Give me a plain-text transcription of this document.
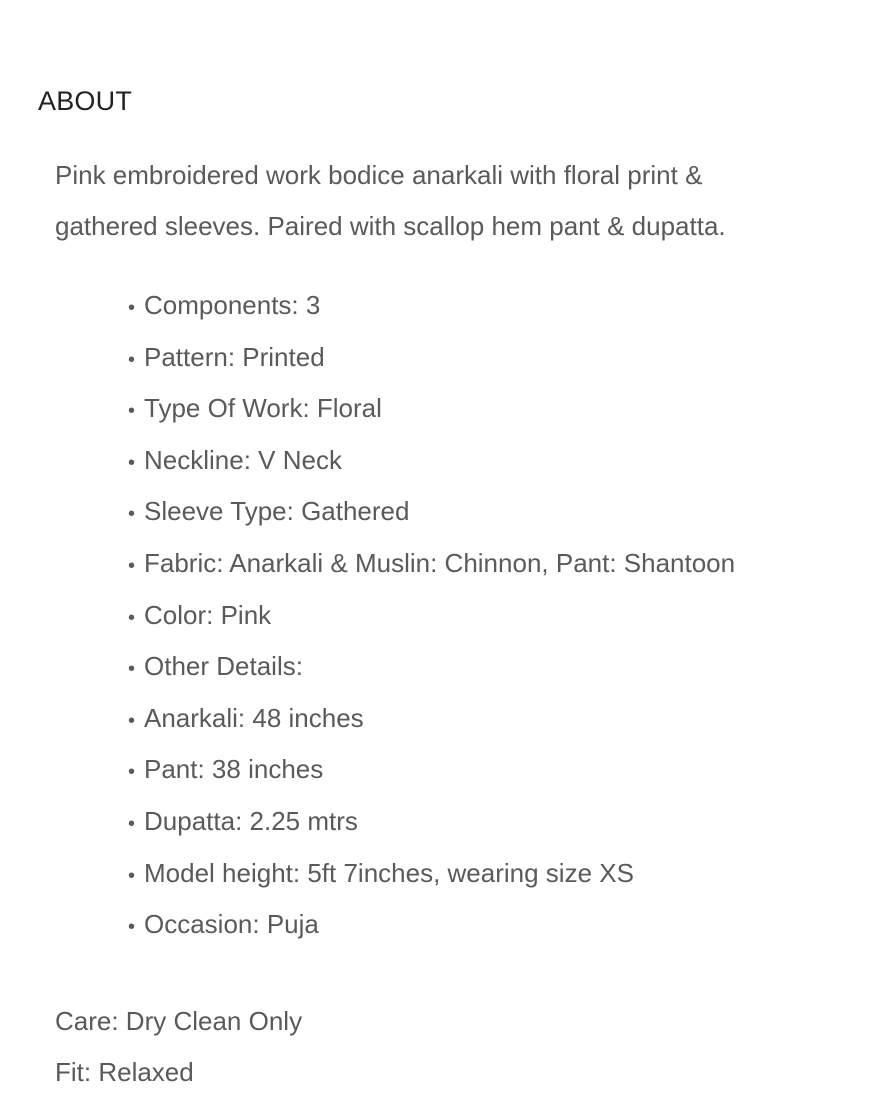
ABOUT

Pink embroidered work bodice anarkali with floral print &
gathered sleeves. Paired with scallop hem pant & dupatta.

• Components: 3
• Pattern: Printed
• Type Of Work: Floral
• Neckline: V Neck
• Sleeve Type: Gathered
• Fabric: Anarkali & Muslin: Chinnon, Pant: Shantoon
• Color: Pink
• Other Details:
• Anarkali: 48 inches
• Pant: 38 inches
• Dupatta: 2.25 mtrs
• Model height: 5ft 7inches, wearing size XS
• Occasion: Puja
Care: Dry Clean Only
Fit: Relaxed
